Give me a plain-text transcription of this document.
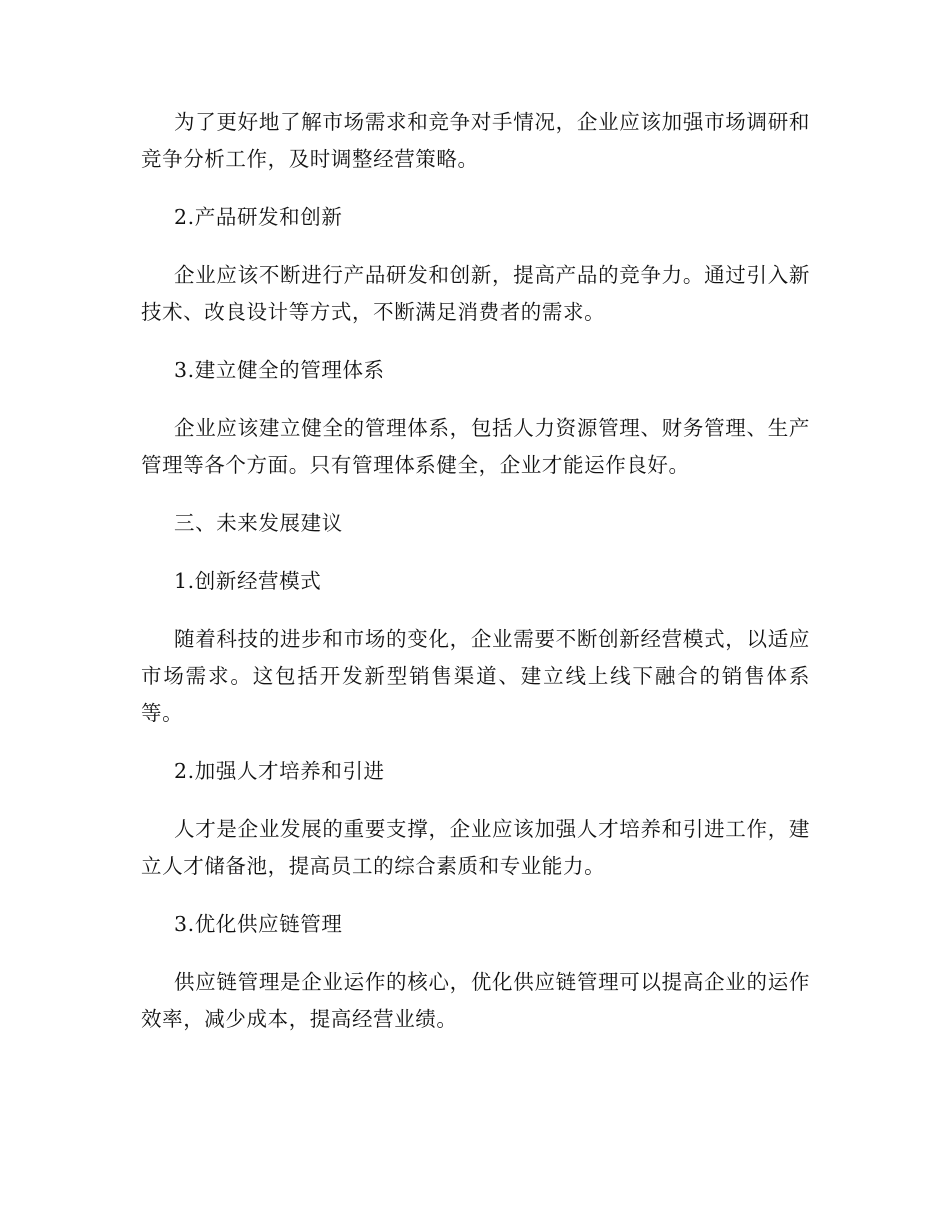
为了更好地了解市场需求和竞争对手情况，企业应该加强市场调研和竞争分析工作，及时调整经营策略。

2.产品研发和创新

企业应该不断进行产品研发和创新，提高产品的竞争力。通过引入新技术、改良设计等方式，不断满足消费者的需求。

3.建立健全的管理体系

企业应该建立健全的管理体系，包括人力资源管理、财务管理、生产管理等各个方面。只有管理体系健全，企业才能运作良好。

三、未来发展建议

1.创新经营模式

随着科技的进步和市场的变化，企业需要不断创新经营模式，以适应市场需求。这包括开发新型销售渠道、建立线上线下融合的销售体系等。

2.加强人才培养和引进

人才是企业发展的重要支撑，企业应该加强人才培养和引进工作，建立人才储备池，提高员工的综合素质和专业能力。

3.优化供应链管理

供应链管理是企业运作的核心，优化供应链管理可以提高企业的运作效率，减少成本，提高经营业绩。
